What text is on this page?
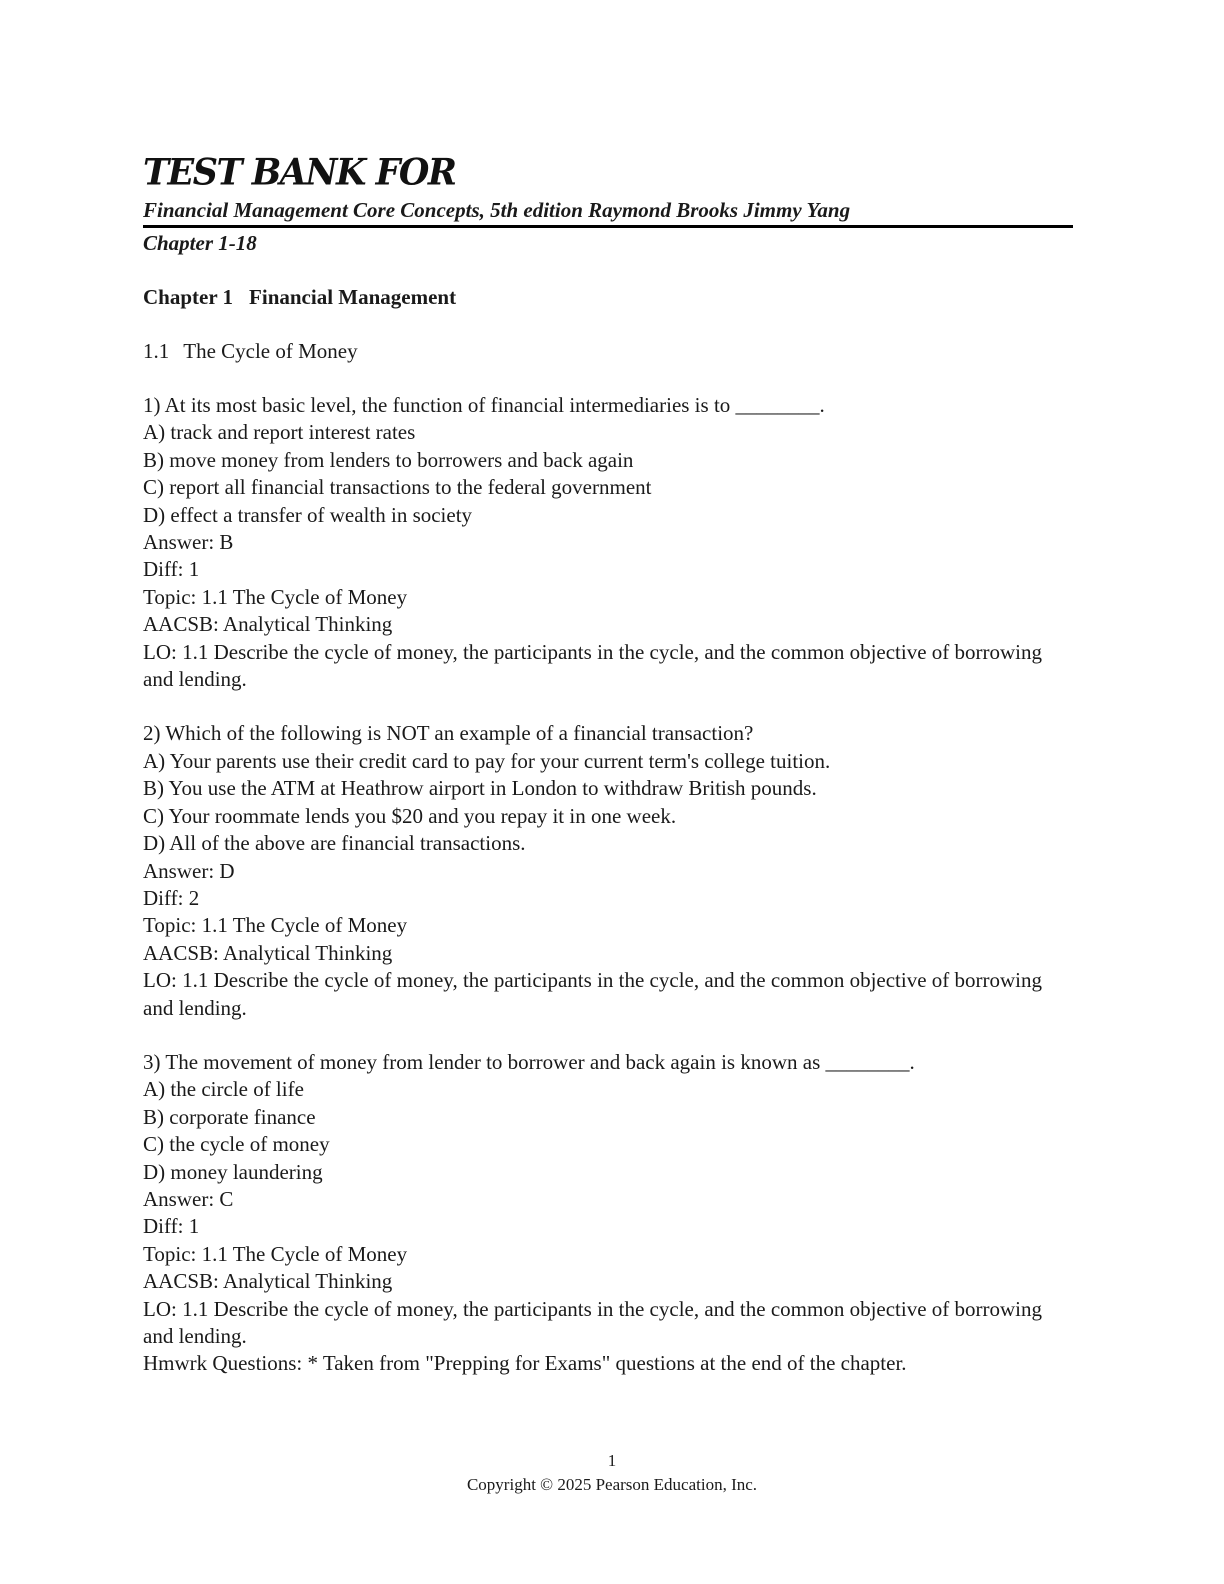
TEST BANK FOR
Financial Management Core Concepts, 5th edition Raymond Brooks Jimmy Yang
Chapter 1-18
Chapter 1 Financial Management
1.1 The Cycle of Money
1) At its most basic level, the function of financial intermediaries is to ________.
A) track and report interest rates
B) move money from lenders to borrowers and back again
C) report all financial transactions to the federal government
D) effect a transfer of wealth in society
Answer: B
Diff: 1
Topic: 1.1 The Cycle of Money
AACSB: Analytical Thinking
LO: 1.1 Describe the cycle of money, the participants in the cycle, and the common objective of borrowing and lending.
2) Which of the following is NOT an example of a financial transaction?
A) Your parents use their credit card to pay for your current term's college tuition.
B) You use the ATM at Heathrow airport in London to withdraw British pounds.
C) Your roommate lends you $20 and you repay it in one week.
D) All of the above are financial transactions.
Answer: D
Diff: 2
Topic: 1.1 The Cycle of Money
AACSB: Analytical Thinking
LO: 1.1 Describe the cycle of money, the participants in the cycle, and the common objective of borrowing and lending.
3) The movement of money from lender to borrower and back again is known as ________.
A) the circle of life
B) corporate finance
C) the cycle of money
D) money laundering
Answer: C
Diff: 1
Topic: 1.1 The Cycle of Money
AACSB: Analytical Thinking
LO: 1.1 Describe the cycle of money, the participants in the cycle, and the common objective of borrowing and lending.
Hmwrk Questions: * Taken from "Prepping for Exams" questions at the end of the chapter.
1
Copyright © 2025 Pearson Education, Inc.
